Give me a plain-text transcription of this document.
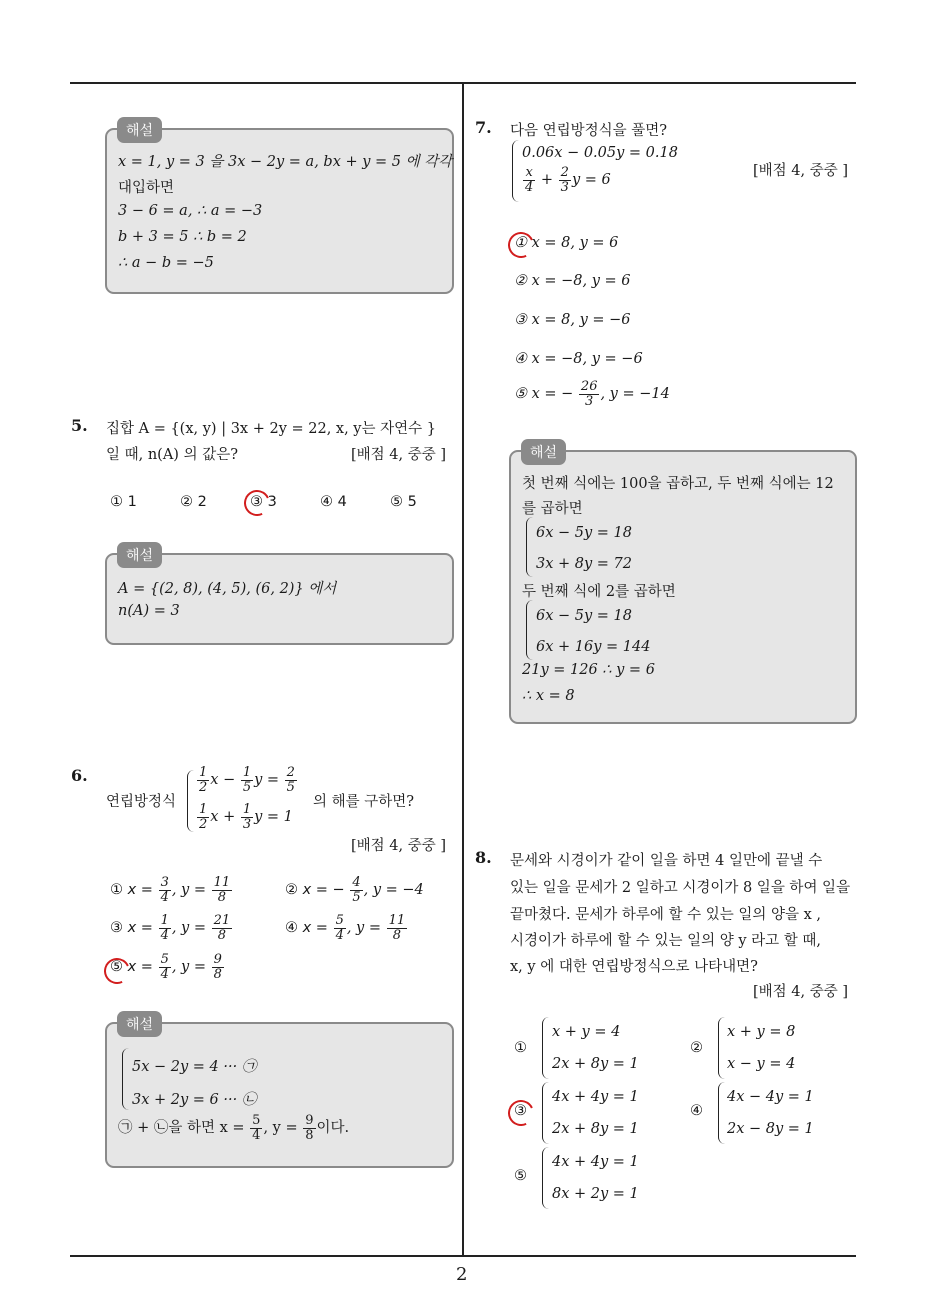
2
해설
x = 1, y = 3 을 3x − 2y = a, bx + y = 5 에 각각
대입하면
3 − 6 = a, ∴ a = −3
b + 3 = 5 ∴ b = 2
∴ a − b = −5
5. 집합 A = {(x, y) | 3x + 2y = 22, x, y는 자연수 }
일 때, n(A) 의 값은?	[배점 4, 중중 ]
① 1	② 2	③ 3	④ 4	⑤ 5
해설
A = {(2, 8), (4, 5), (6, 2)} 에서
n(A) = 3
6.
연립방정식
$\frac{1}{2}$ $x - \frac{1}{5}$ $y = \frac{2}{5}$
$\frac{1}{2}$ $x + \frac{1}{3}$ y = 1
의 해를 구하면?
[배점 4, 중중 ]
① $x = \frac{3}{4}$ , $y = \frac{11}{8}$	② x = − $\frac{4}{5}$ , y = −4
③ $x = \frac{1}{4}$ , $y = \frac{21}{8}$	④ $x = \frac{5}{4}$ , $y = \frac{11}{8}$
⑤ $x = \frac{5}{4}$ , $y = \frac{9}{8}$
해설
5x − 2y = 4 ··· ㉠
3x + 2y = 6 ··· ㉡
㉠ + ㉡을 하면 $x = \frac{5}{4}$ , $y = \frac{9}{8}$ 이다.
7. 다음 연립방정식을 풀면?
0.06x − 0.05y = 0.18
$\frac{x}{4} + \frac{2}{3}$ y = 6
[배점 4, 중중 ]
① x = 8, y = 6
② x = −8, y = 6
③ x = 8, y = −6
④ x = −8, y = −6
⑤ x = − $\frac{26}{3}$ , y = −14
해설
첫 번째 식에는 100을 곱하고, 두 번째 식에는 12
를 곱하면
6x − 5y = 18
3x + 8y = 72
두 번째 식에 2를 곱하면
6x − 5y = 18
6x + 16y = 144
21y = 126 ∴ y = 6
∴ x = 8
8. 문세와 시경이가 같이 일을 하면 4 일만에 끝낼 수
있는 일을 문세가 2 일하고 시경이가 8 일을 하여 일을
끝마쳤다. 문세가 하루에 할 수 있는 일의 양을 x ,
시경이가 하루에 할 수 있는 일의 양 y 라고 할 때,
x, y 에 대한 연립방정식으로 나타내면?
[배점 4, 중중 ]
①
x + y = 4
2x + 8y = 1
②
x + y = 8
x − y = 4
③
4x + 4y = 1
2x + 8y = 1
④
4x − 4y = 1
2x − 8y = 1
⑤
4x + 4y = 1
8x + 2y = 1
